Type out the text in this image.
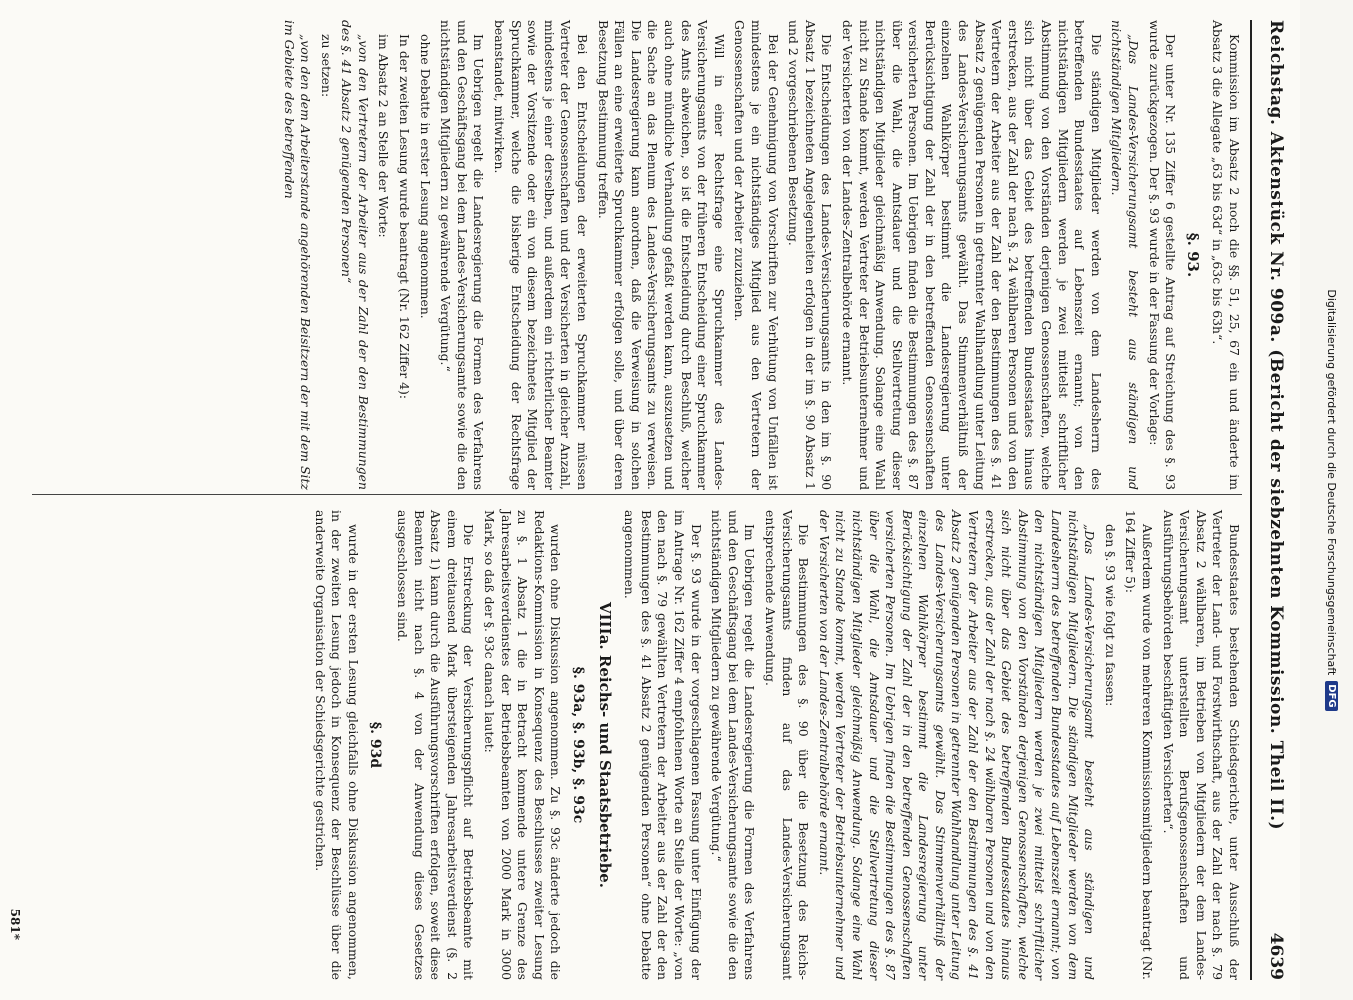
Reichstag. Aktenstück Nr. 909a. (Bericht der siebzehnten Kommission. Theil II.)
4639

Kommission im Absatz 2 noch die §§. 51, 25, 67 ein und änderte im Absatz 3 die Allegate „63 bis 63d“ in „63c bis 63h“.

§. 93.

Der unter Nr. 135 Ziffer 6 gestellte Antrag auf Streichung des §. 93 wurde zurückgezogen. Der §. 93 wurde in der Fassung der Vorlage:

„Das Landes-Versicherungsamt besteht aus ständigen und nichtständigen Mitgliedern.

Die ständigen Mitglieder werden von dem Landesherrn des betreffenden Bundesstaates auf Lebenszeit ernannt; von den nichtständigen Mitgliedern werden je zwei mittelst schriftlicher Abstimmung von den Vorständen derjenigen Genossenschaften, welche sich nicht über das Gebiet des betreffenden Bundesstaates hinaus erstrecken, aus der Zahl der nach §. 24 wählbaren Personen und von den Vertretern der Arbeiter aus der Zahl der den Bestimmungen des §. 41 Absatz 2 genügenden Personen in getrennter Wahlhandlung unter Leitung des Landes-Versicherungsamts gewählt. Das Stimmenverhältniß der einzelnen Wahlkörper bestimmt die Landesregierung unter Berücksichtigung der Zahl der in den betreffenden Genossenschaften versicherten Personen. Im Uebrigen finden die Bestimmungen des §. 87 über die Wahl, die Amtsdauer und die Stellvertretung dieser nichtständigen Mitglieder gleichmäßig Anwendung. Solange eine Wahl nicht zu Stande kommt, werden Vertreter der Betriebsunternehmer und der Versicherten von der Landes-Zentralbehörde ernannt.

Die Entscheidungen des Landes-Versicherungsamts in den im §. 90 Absatz 1 bezeichneten Angelegenheiten erfolgen in der im §. 90 Absatz 1 und 2 vorgeschriebenen Besetzung.

Bei der Genehmigung von Vorschriften zur Verhütung von Unfällen ist mindestens je ein nichtständiges Mitglied aus den Vertretern der Genossenschaften und der Arbeiter zuzuziehen.

Will in einer Rechtsfrage eine Spruchkammer des Landes-Versicherungsamts von der früheren Entscheidung einer Spruchkammer des Amts abweichen, so ist die Entscheidung durch Beschluß, welcher auch ohne mündliche Verhandlung gefaßt werden kann, auszusetzen und die Sache an das Plenum des Landes-Versicherungsamts zu verweisen. Die Landesregierung kann anordnen, daß die Verweisung in solchen Fällen an eine erweiterte Spruchkammer erfolgen solle, und über deren Besetzung Bestimmung treffen.

Bei den Entscheidungen der erweiterten Spruchkammer müssen Vertreter der Genossenschaften und der Versicherten in gleicher Anzahl, mindestens je einer derselben, und außerdem ein richterlicher Beamter sowie der Vorsitzende oder ein von diesem bezeichnetes Mitglied der Spruchkammer, welche die bisherige Entscheidung der Rechtsfrage beanstandet, mitwirken.

Im Uebrigen regelt die Landesregierung die Formen des Verfahrens und den Geschäftsgang bei dem Landes-Versicherungsamte sowie die den nichtständigen Mitgliedern zu gewährende Vergütung.“

ohne Debatte in erster Lesung angenommen.

In der zweiten Lesung wurde beantragt (Nr. 162 Ziffer 4):

im Absatz 2 an Stelle der Worte:

„von den Vertretern der Arbeiter aus der Zahl der den Bestimmungen des §. 41 Absatz 2 genügenden Personen“

zu setzen:

„von den dem Arbeiterstande angehörenden Beisitzern der mit dem Sitz im Gebiete des betreffenden

Bundesstaates bestehenden Schiedsgerichte, unter Ausschluß der Vertreter der Land- und Forstwirthschaft, aus der Zahl der nach §. 79 Absatz 2 wählbaren, im Betrieben von Mitgliedern der dem Landes-Versicherungsamt unterstellten Berufsgenossenschaften und Ausführungsbehörden beschäftigten Versicherten“.

Außerdem wurde von mehreren Kommissionsmitgliedern beantragt (Nr. 164 Ziffer 5):

den §. 93 wie folgt zu fassen:

„Das Landes-Versicherungsamt besteht aus ständigen und nichtständigen Mitgliedern. Die ständigen Mitglieder werden von dem Landesherrn des betreffenden Bundesstaates auf Lebenszeit ernannt; von den nichtständigen Mitgliedern werden je zwei mittelst schriftlicher Abstimmung von den Vorständen derjenigen Genossenschaften, welche sich nicht über das Gebiet des betreffenden Bundesstaates hinaus erstrecken, aus der Zahl der nach §. 24 wählbaren Personen und von den Vertretern der Arbeiter aus der Zahl der den Bestimmungen des §. 41 Absatz 2 genügenden Personen in getrennter Wahlhandlung unter Leitung des Landes-Versicherungsamts gewählt. Das Stimmenverhältniß der einzelnen Wahlkörper bestimmt die Landesregierung unter Berücksichtigung der Zahl der in den betreffenden Genossenschaften versicherten Personen. Im Uebrigen finden die Bestimmungen des §. 87 über die Wahl, die Amtsdauer und die Stellvertretung dieser nichtständigen Mitglieder gleichmäßig Anwendung. Solange eine Wahl nicht zu Stande kommt, werden Vertreter der Betriebsunternehmer und der Versicherten von der Landes-Zentralbehörde ernannt.

Die Bestimmungen des §. 90 über die Besetzung des Reichs-Versicherungsamts finden auf das Landes-Versicherungsamt entsprechende Anwendung.

Im Uebrigen regelt die Landesregierung die Formen des Verfahrens und den Geschäftsgang bei dem Landes-Versicherungsamte sowie die den nichtständigen Mitgliedern zu gewährende Vergütung.“

Der §. 93 wurde in der vorgeschlagenen Fassung unter Einfügung der im Antrage Nr. 162 Ziffer 4 empfohlenen Worte an Stelle der Worte: „von den nach §. 79 gewählten Vertretern der Arbeiter aus der Zahl der den Bestimmungen des §. 41 Absatz 2 genügenden Personen“ ohne Debatte angenommen.

VIIIa. Reichs- und Staatsbetriebe.
§. 93a, §. 93b, §. 93c

wurden ohne Diskussion angenommen. Zu §. 93c änderte jedoch die Redaktions-Kommission in Konsequenz des Beschlusses zweiter Lesung zu §. 1 Absatz 1 die in Betracht kommende untere Grenze des Jahresarbeitsverdienstes der Betriebsbeamten von 2000 Mark in 3000 Mark, so daß der §. 93c danach lautet:

Die Erstreckung der Versicherungspflicht auf Betriebsbeamte mit einem dreitausend Mark übersteigenden Jahresarbeitsverdienst (§. 2 Absatz 1) kann durch die Ausführungsvorschriften erfolgen, soweit diese Beamten nicht nach §. 4 von der Anwendung dieses Gesetzes ausgeschlossen sind.

§. 93d

wurde in der ersten Lesung gleichfalls ohne Diskussion angenommen, in der zweiten Lesung jedoch in Konsequenz der Beschlüsse über die anderweite Organisation der Schiedsgerichte gestrichen.

581*
Digitalisierung gefördert durch die Deutsche Forschungsgemeinschaft
DFG
